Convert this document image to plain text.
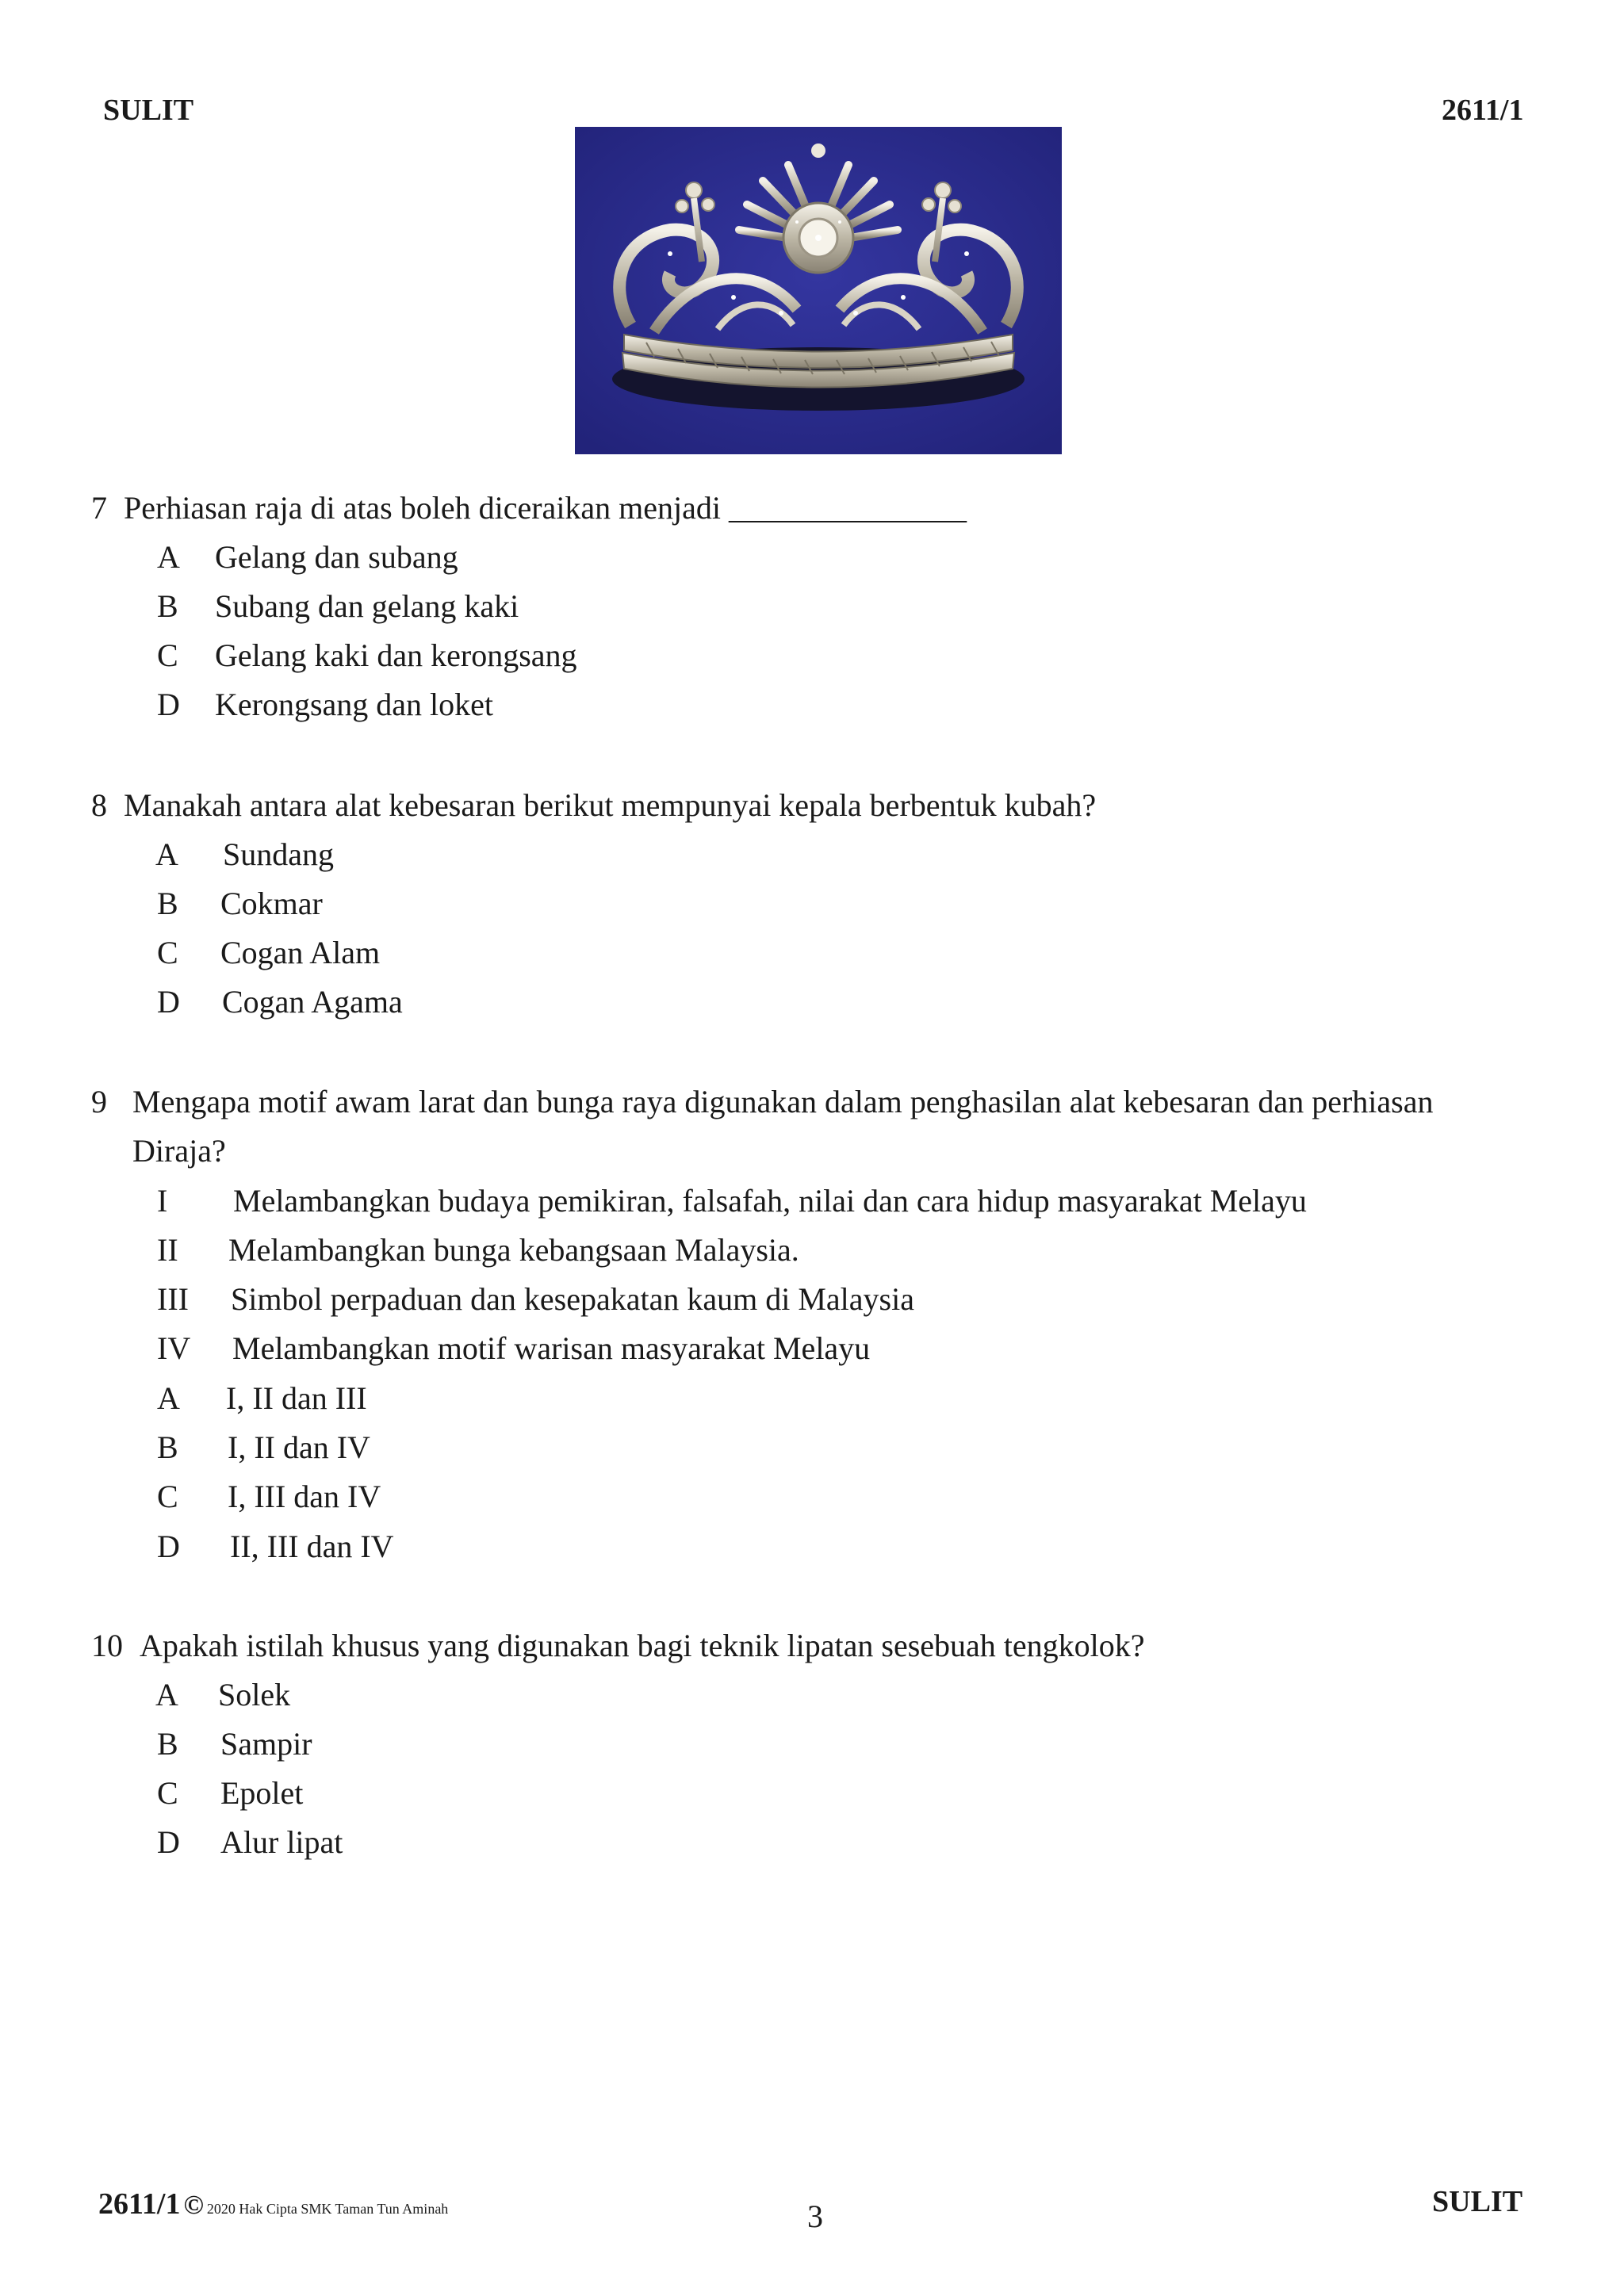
SULIT	2611/1
7 Perhiasan raja di atas boleh diceraikan menjadi _______________
A Gelang dan subang
B Subang dan gelang kaki
C Gelang kaki dan kerongsang
D Kerongsang dan loket
8 Manakah antara alat kebesaran berikut mempunyai kepala berbentuk kubah?
A Sundang
B Cokmar
C Cogan Alam
D Cogan Agama
9 Mengapa motif awam larat dan bunga raya digunakan dalam penghasilan alat kebesaran dan perhiasan
Diraja?
I Melambangkan budaya pemikiran, falsafah, nilai dan cara hidup masyarakat Melayu
II Melambangkan bunga kebangsaan Malaysia.
III Simbol perpaduan dan kesepakatan kaum di Malaysia
IV Melambangkan motif warisan masyarakat Melayu
A I, II dan III
B I, II dan IV
C I, III dan IV
D II, III dan IV
10 Apakah istilah khusus yang digunakan bagi teknik lipatan sesebuah tengkolok?
A Solek
B Sampir
C Epolet
D Alur lipat
2611/1 © 2020 Hak Cipta SMK Taman Tun Aminah	3	SULIT
